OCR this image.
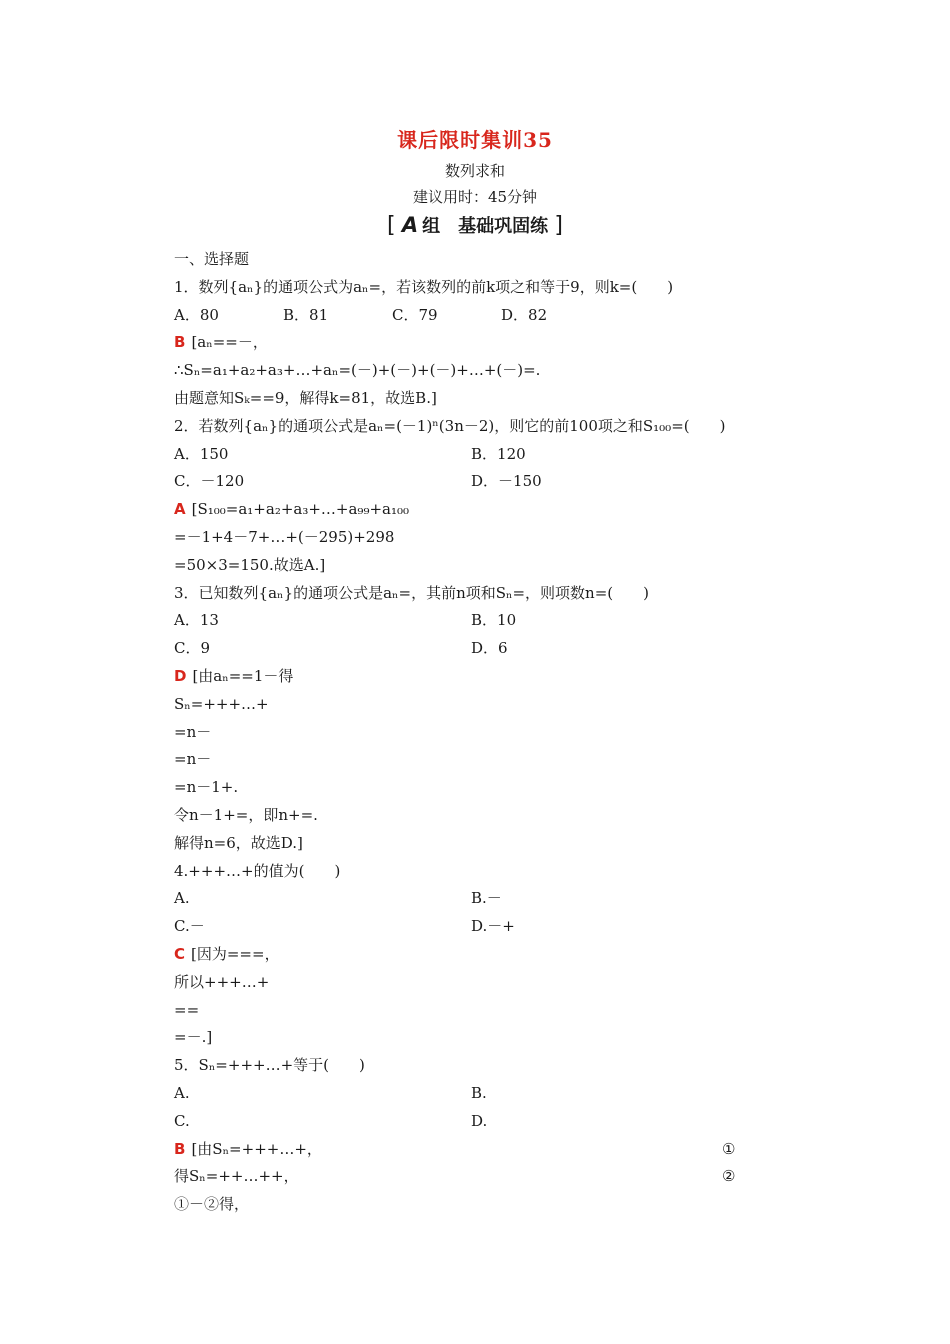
课后限时集训35
数列求和
建议用时：45分钟
[ A 组　基础巩固练 ]
一、选择题
1．数列{aₙ}的通项公式为aₙ=，若该数列的前k项之和等于9，则k=(　　)
A．80	B．81	C．79	D．82
B [aₙ==－，
∴Sₙ=a₁+a₂+a₃+…+aₙ=(－)+(－)+(－)+…+(－)=.
由题意知Sₖ==9，解得k=81，故选B.]
2．若数列{aₙ}的通项公式是aₙ=(－1)ⁿ(3n－2)，则它的前100项之和S₁₀₀=(　　)
A．150	B．120
C．－120	D．－150
A [S₁₀₀=a₁+a₂+a₃+…+a₉₉+a₁₀₀
=－1+4－7+…+(－295)+298
=50×3=150.故选A.]
3．已知数列{aₙ}的通项公式是aₙ=，其前n项和Sₙ=，则项数n=(　　)
A．13	B．10
C．9	D．6
D [由aₙ==1－得
Sₙ=+++…+
=n－
=n－
=n－1+.
令n－1+=，即n+=.
解得n=6，故选D.]
4.+++…+的值为(　　)
A.	B.－
C.－	D.－+
C [因为===，
所以+++…+
==
=－.]
5．Sₙ=+++…+等于(　　)
A.	B.
C.	D.
B [由Sₙ=+++…+，	①
得Sₙ=++…++，	②
①－②得，
